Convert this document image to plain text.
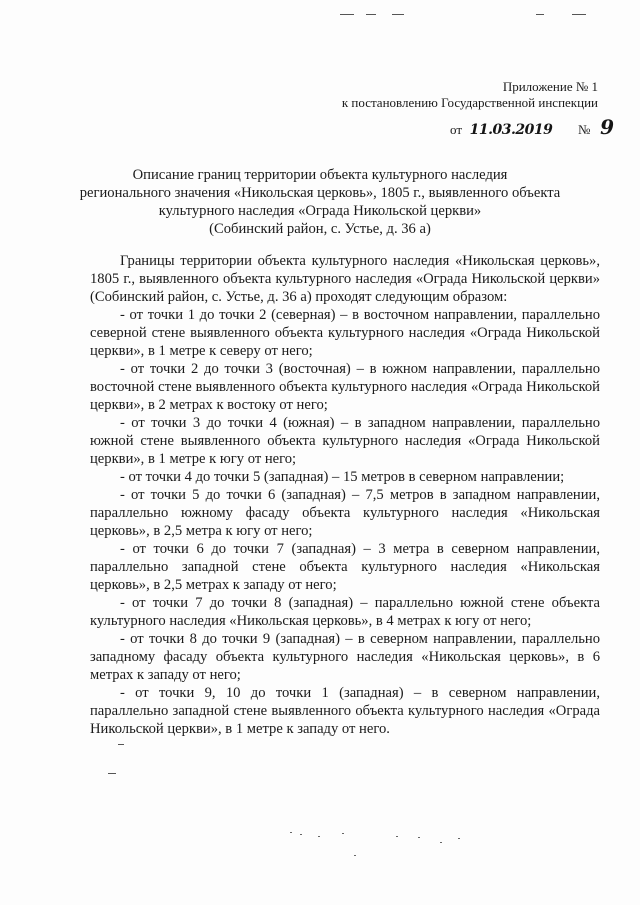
Приложение № 1
к постановлению Государственной инспекции
от 11.03.2019 № 9
Описание границ территории объекта культурного наследия
регионального значения «Никольская церковь», 1805 г., выявленного объекта
культурного наследия «Ограда Никольской церкви»
(Собинский район, с. Устье, д. 36 а)
Границы территории объекта культурного наследия «Никольская церковь»,
1805 г., выявленного объекта культурного наследия «Ограда Никольской церкви»
(Собинский район, с. Устье, д. 36 а) проходят следующим образом:
- от точки 1 до точки 2 (северная) – в восточном направлении, параллельно
северной стене выявленного объекта культурного наследия «Ограда Никольской
церкви», в 1 метре к северу от него;
- от точки 2 до точки 3 (восточная) – в южном направлении, параллельно
восточной стене выявленного объекта культурного наследия «Ограда Никольской
церкви», в 2 метрах к востоку от него;
- от точки 3 до точки 4 (южная) – в западном направлении, параллельно
южной стене выявленного объекта культурного наследия «Ограда Никольской
церкви», в 1 метре к югу от него;
- от точки 4 до точки 5 (западная) – 15 метров в северном направлении;
- от точки 5 до точки 6 (западная) – 7,5 метров в западном направлении,
параллельно южному фасаду объекта культурного наследия «Никольская
церковь», в 2,5 метра к югу от него;
- от точки 6 до точки 7 (западная) – 3 метра в северном направлении,
параллельно западной стене объекта культурного наследия «Никольская
церковь», в 2,5 метрах к западу от него;
- от точки 7 до точки 8 (западная) – параллельно южной стене объекта
культурного наследия «Никольская церковь», в 4 метрах к югу от него;
- от точки 8 до точки 9 (западная) – в северном направлении, параллельно
западному фасаду объекта культурного наследия «Никольская церковь», в 6
метрах к западу от него;
- от точки 9, 10 до точки 1 (западная) – в северном направлении,
параллельно западной стене выявленного объекта культурного наследия «Ограда
Никольской церкви», в 1 метре к западу от него.
